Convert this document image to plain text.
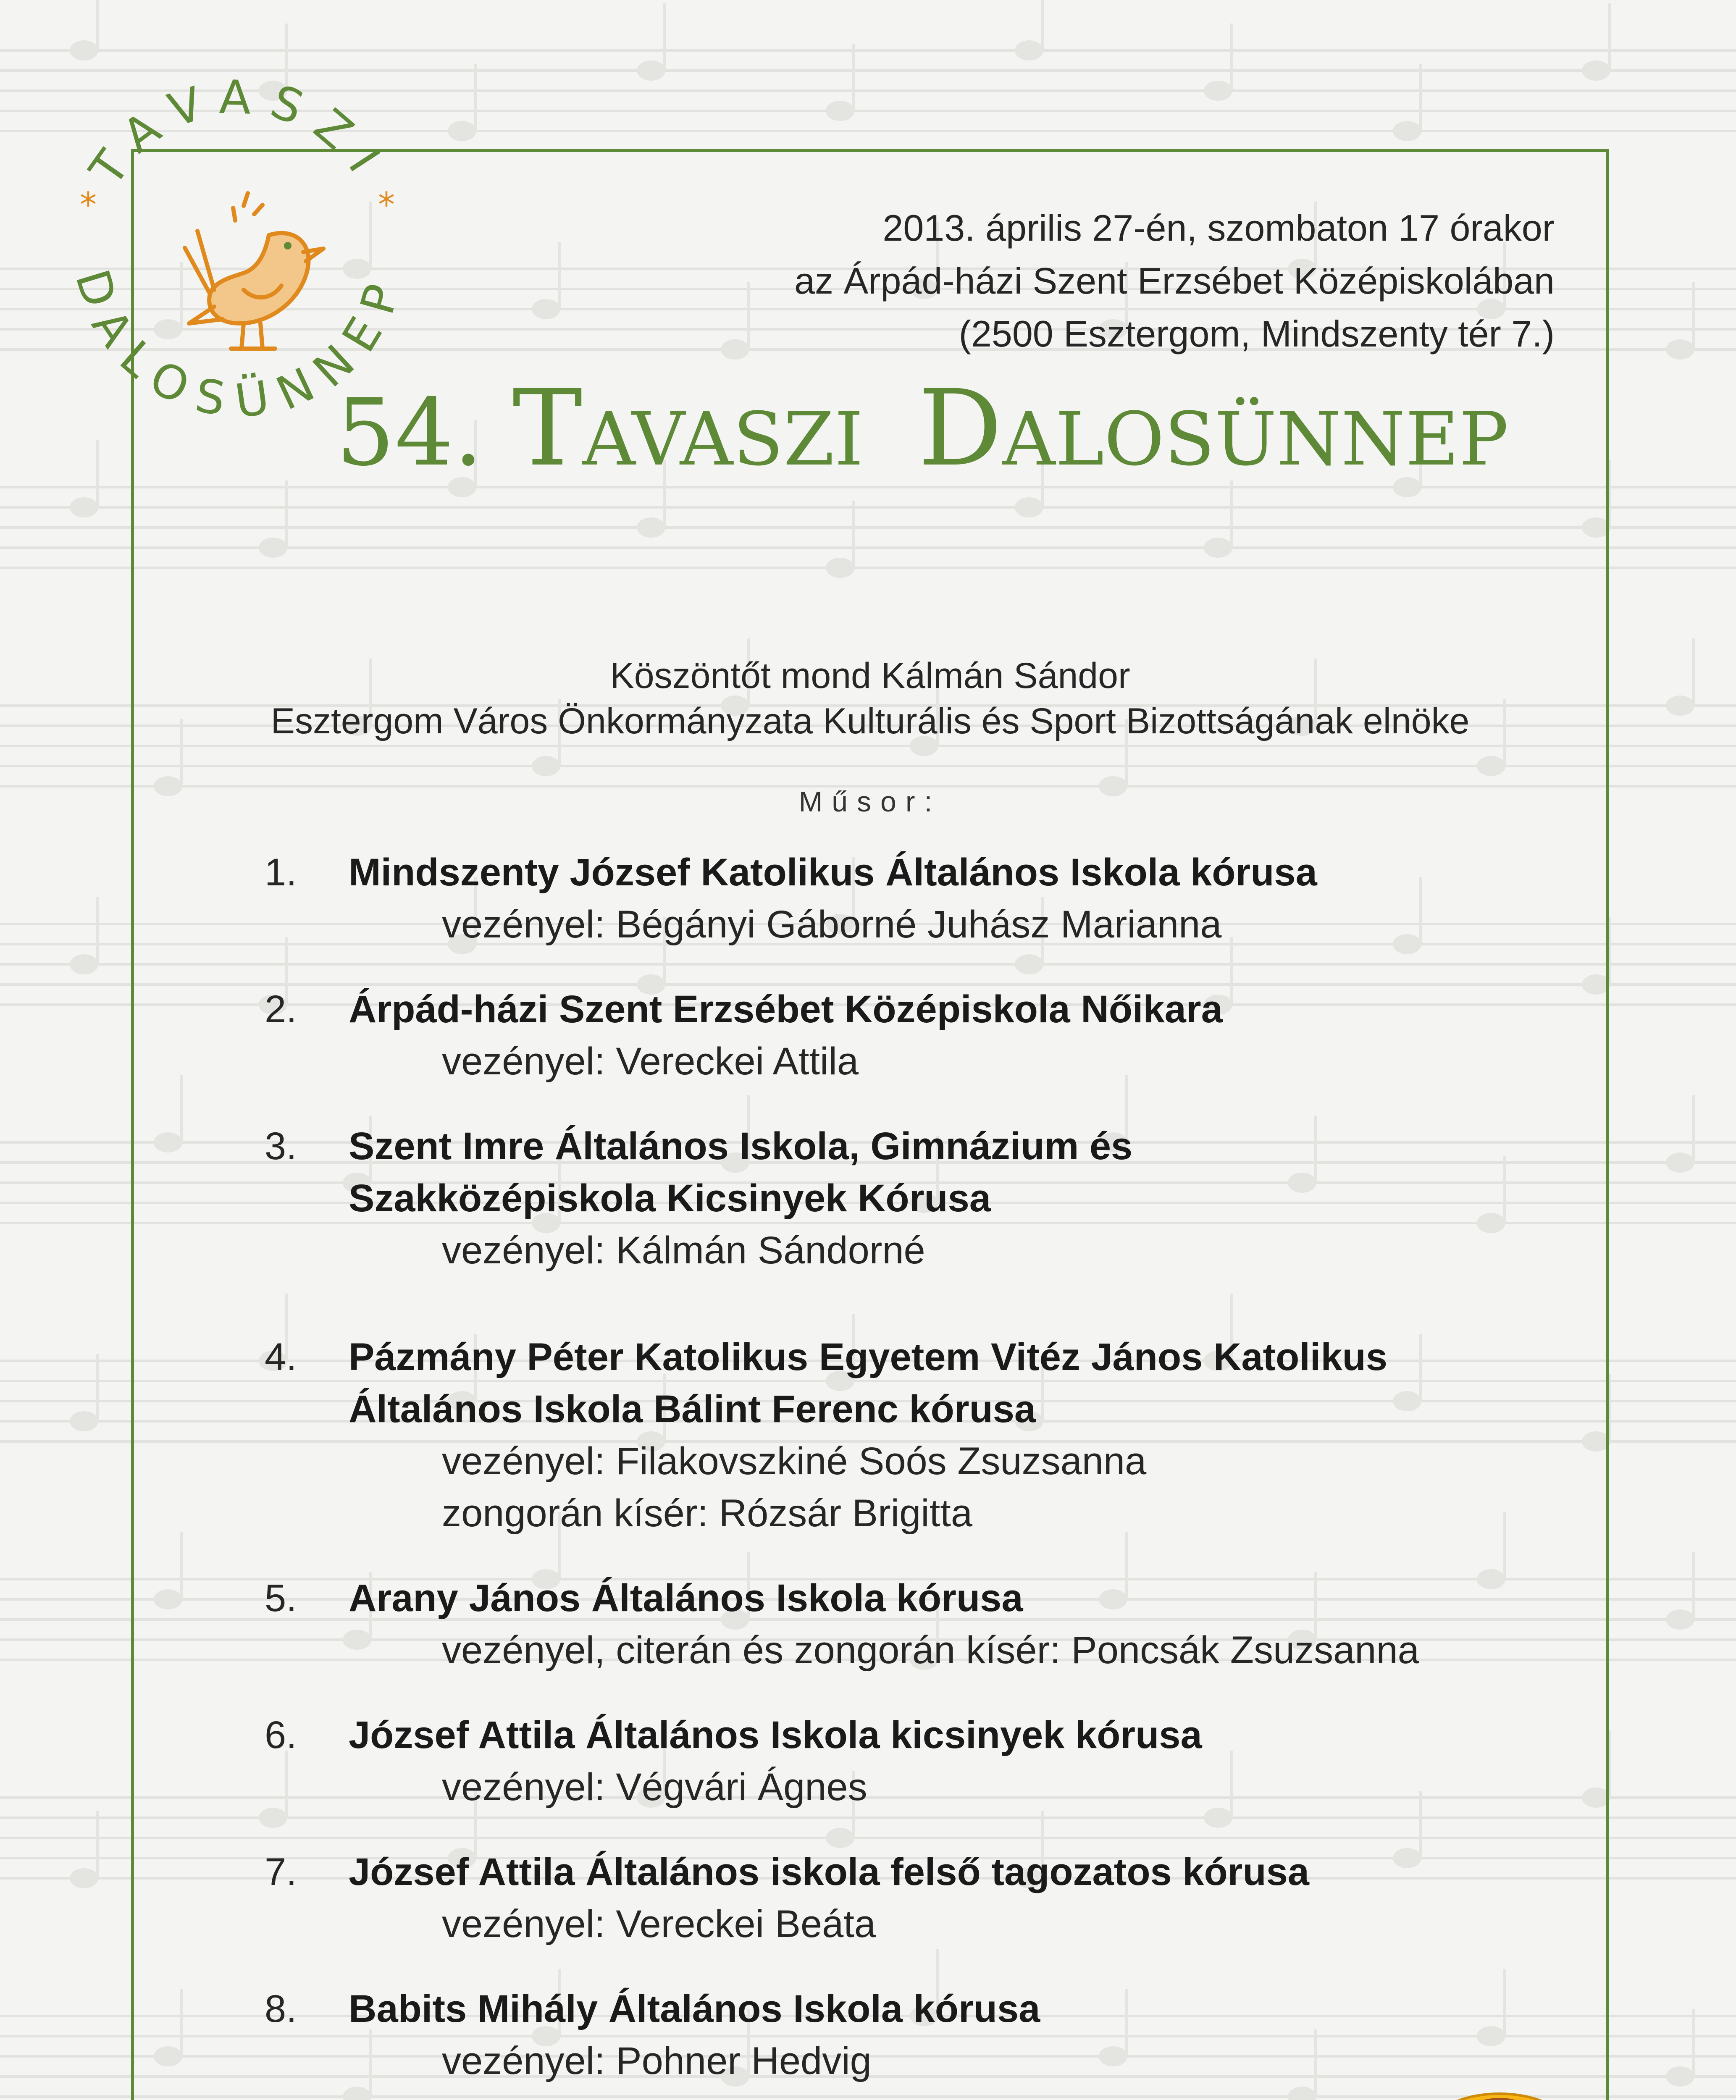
TAVASZI
DALOSÜNNEP
*	*
2013. április 27-én, szombaton 17 órakor
az Árpád-házi Szent Erzsébet Középiskolában
(2500 Esztergom, Mindszenty tér 7.)
54. Tavaszi Dalosünnep
Köszöntőt mond Kálmán Sándor
Esztergom Város Önkormányzata Kulturális és Sport Bizottságának elnöke
Műsor:
1. Mindszenty József Katolikus Általános Iskola kórusa
vezényel: Bégányi Gáborné Juhász Marianna
2. Árpád-házi Szent Erzsébet Középiskola Nőikara
vezényel: Vereckei Attila
3. Szent Imre Általános Iskola, Gimnázium és
Szakközépiskola Kicsinyek Kórusa
vezényel: Kálmán Sándorné
4. Pázmány Péter Katolikus Egyetem Vitéz János Katolikus
Általános Iskola Bálint Ferenc kórusa
vezényel: Filakovszkiné Soós Zsuzsanna
zongorán kísér: Rózsár Brigitta
5. Arany János Általános Iskola kórusa
vezényel, citerán és zongorán kísér: Poncsák Zsuzsanna
6. József Attila Általános Iskola kicsinyek kórusa
vezényel: Végvári Ágnes
7. József Attila Általános iskola felső tagozatos kórusa
vezényel: Vereckei Beáta
8. Babits Mihály Általános Iskola kórusa
vezényel: Pohner Hedvig
